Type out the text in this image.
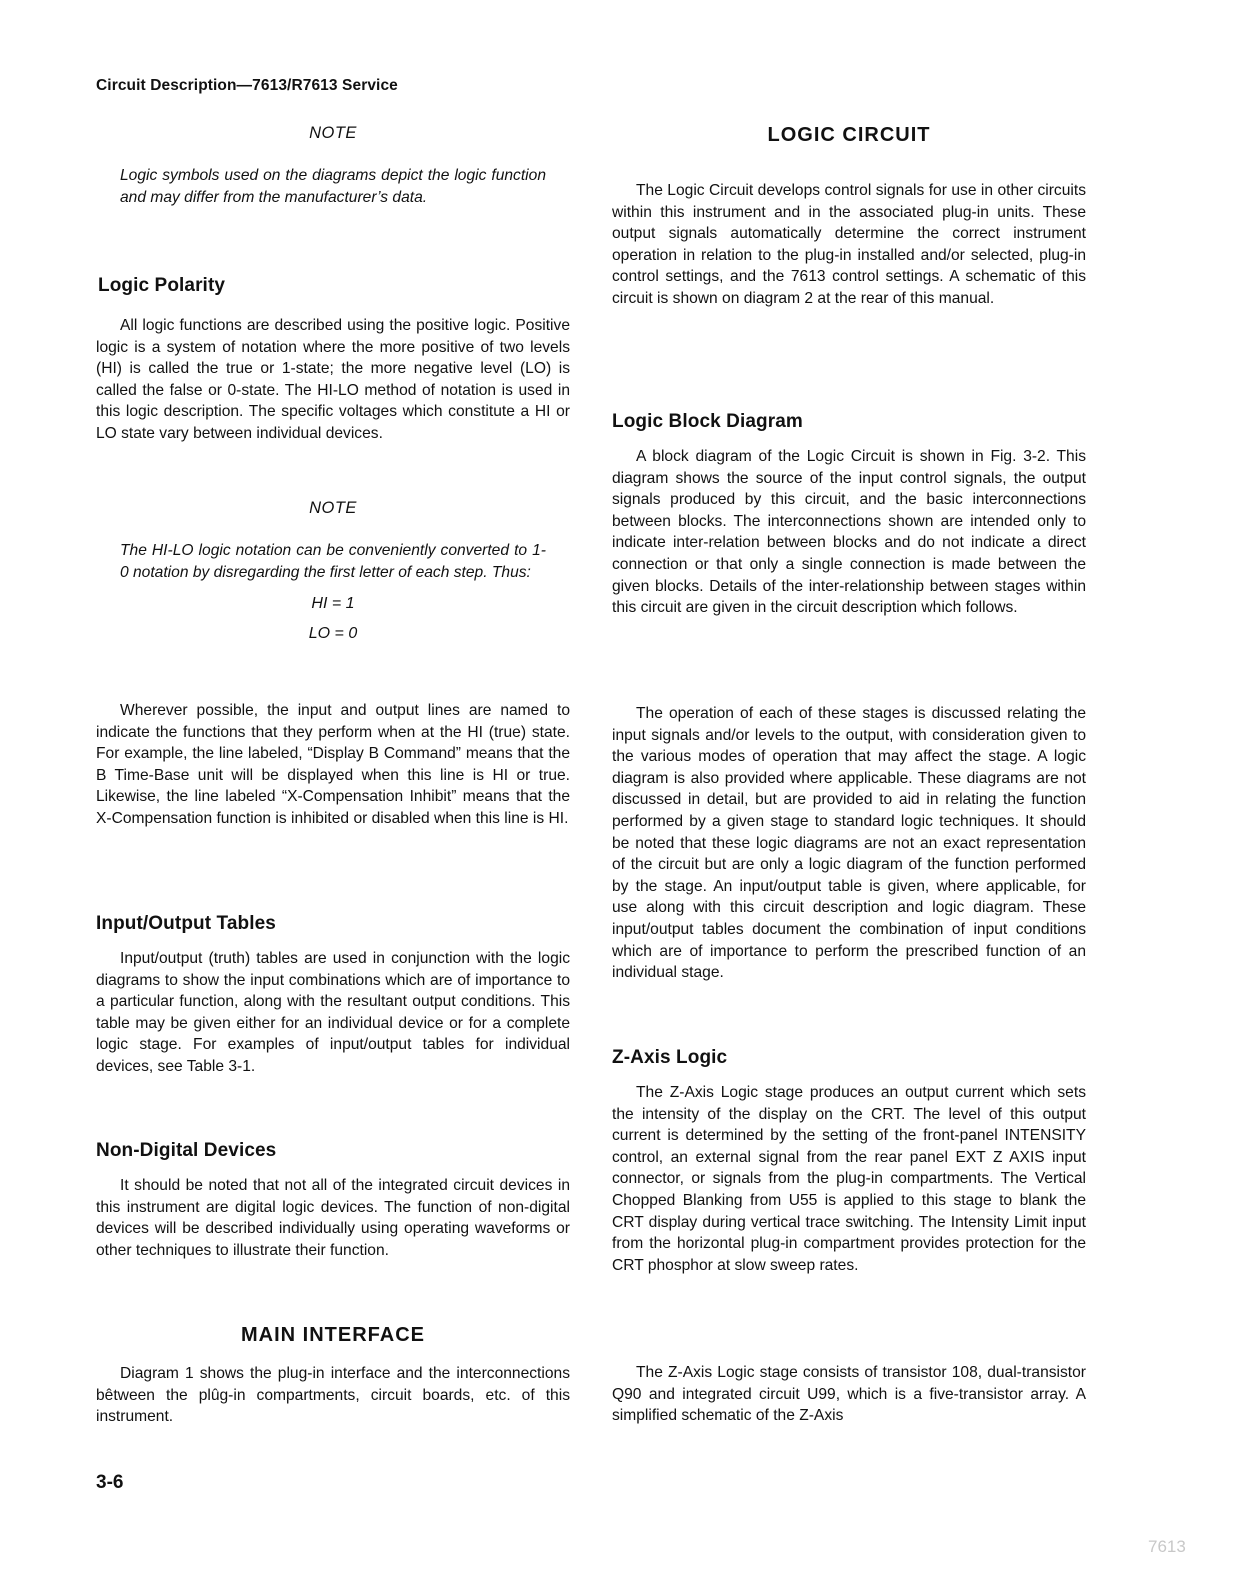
Circuit Description—7613/R7613 Service
NOTE

Logic symbols used on the diagrams depict the logic function and may differ from the manufacturer’s data.

Logic Polarity

All logic functions are described using the positive logic. Positive logic is a system of notation where the more positive of two levels (HI) is called the true or 1-state; the more negative level (LO) is called the false or 0-state. The HI-LO method of notation is used in this logic description. The specific voltages which constitute a HI or LO state vary between individual devices.

NOTE

The HI-LO logic notation can be conveniently converted to 1-0 notation by disregarding the first letter of each step. Thus:

HI = 1
LO = 0

Wherever possible, the input and output lines are named to indicate the functions that they perform when at the HI (true) state. For example, the line labeled, “Display B Command” means that the B Time-Base unit will be displayed when this line is HI or true. Likewise, the line labeled “X-Compensation Inhibit” means that the X-Compensation function is inhibited or disabled when this line is HI.

Input/Output Tables

Input/output (truth) tables are used in conjunction with the logic diagrams to show the input combinations which are of importance to a particular function, along with the resultant output conditions. This table may be given either for an individual device or for a complete logic stage. For examples of input/output tables for individual devices, see Table 3-1.

Non-Digital Devices

It should be noted that not all of the integrated circuit devices in this instrument are digital logic devices. The function of non-digital devices will be described individually using operating waveforms or other techniques to illustrate their function.

MAIN INTERFACE

Diagram 1 shows the plug-in interface and the interconnections bêtween the plûg-in compartments, circuit boards, etc. of this instrument.

LOGIC CIRCUIT

The Logic Circuit develops control signals for use in other circuits within this instrument and in the associated plug-in units. These output signals automatically determine the correct instrument operation in relation to the plug-in installed and/or selected, plug-in control settings, and the 7613 control settings. A schematic of this circuit is shown on diagram 2 at the rear of this manual.

Logic Block Diagram

A block diagram of the Logic Circuit is shown in Fig. 3-2. This diagram shows the source of the input control signals, the output signals produced by this circuit, and the basic interconnections between blocks. The interconnections shown are intended only to indicate inter-relation between blocks and do not indicate a direct connection or that only a single connection is made between the given blocks. Details of the inter-relationship between stages within this circuit are given in the circuit description which follows.

The operation of each of these stages is discussed relating the input signals and/or levels to the output, with consideration given to the various modes of operation that may affect the stage. A logic diagram is also provided where applicable. These diagrams are not discussed in detail, but are provided to aid in relating the function performed by a given stage to standard logic techniques. It should be noted that these logic diagrams are not an exact representation of the circuit but are only a logic diagram of the function performed by the stage. An input/output table is given, where applicable, for use along with this circuit description and logic diagram. These input/output tables document the combination of input conditions which are of importance to perform the prescribed function of an individual stage.

Z-Axis Logic

The Z-Axis Logic stage produces an output current which sets the intensity of the display on the CRT. The level of this output current is determined by the setting of the front-panel INTENSITY control, an external signal from the rear panel EXT Z AXIS input connector, or signals from the plug-in compartments. The Vertical Chopped Blanking from U55 is applied to this stage to blank the CRT display during vertical trace switching. The Intensity Limit input from the horizontal plug-in compartment provides protection for the CRT phosphor at slow sweep rates.

The Z-Axis Logic stage consists of transistor 108, dual-transistor Q90 and integrated circuit U99, which is a five-transistor array. A simplified schematic of the Z-Axis

3-6
7613
